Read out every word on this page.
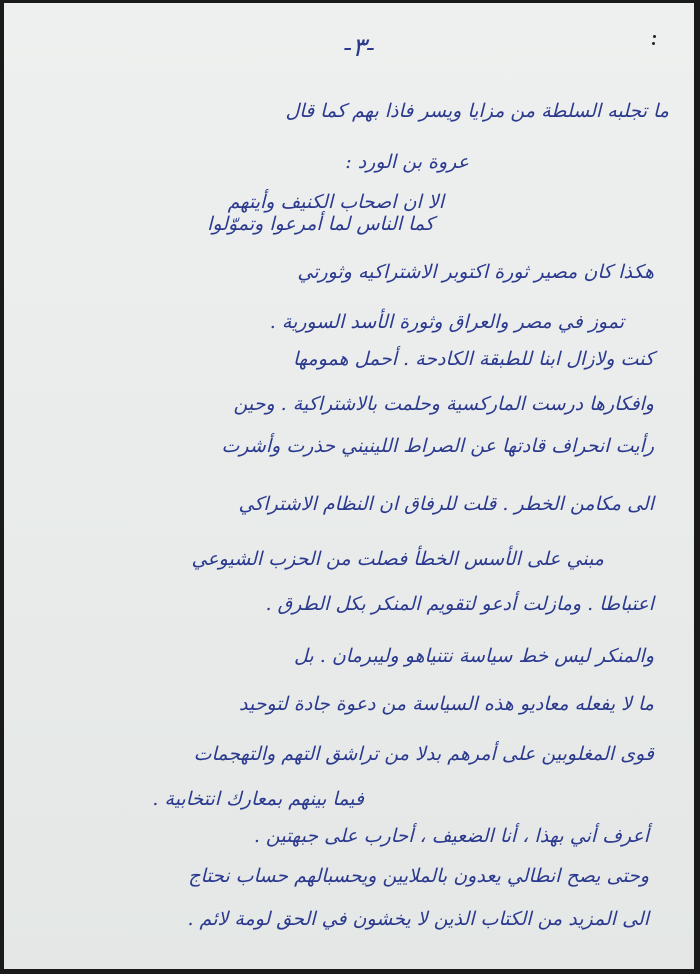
-٣-
ما تجلبه السلطة من مزايا ويسر فاذا بهم كما قال
عروة بن الورد :
الا ان اصحاب الكنيف وأيتهم
كما الناس لما أمرعوا وتموّلوا
هكذا كان مصير ثورة اكتوبر الاشتراكيه وثورتي
تموز في مصر والعراق وثورة الأسد السورية .
كنت ولازال ابنا للطبقة الكادحة . أحمل همومها
وافكارها درست الماركسية وحلمت بالاشتراكية . وحين
رأيت انحراف قادتها عن الصراط اللينيني حذرت وأشرت
الى مكامن الخطر . قلت للرفاق ان النظام الاشتراكي
مبني على الأسس الخطأ فصلت من الحزب الشيوعي
اعتباطا . ومازلت أدعو لتقويم المنكر بكل الطرق .
والمنكر ليس خط سياسة نتنياهو وليبرمان . بل
ما لا يفعله معاديو هذه السياسة من دعوة جادة لتوحيد
قوى المغلوبين على أمرهم بدلا من تراشق التهم والتهجمات
فيما بينهم بمعارك انتخابية .
أعرف أني بهذا ، أنا الضعيف ، أحارب على جبهتين .
وحتى يصح انطالي يعدون بالملايين ويحسبالهم حساب نحتاج
الى المزيد من الكتاب الذين لا يخشون في الحق لومة لائم .
